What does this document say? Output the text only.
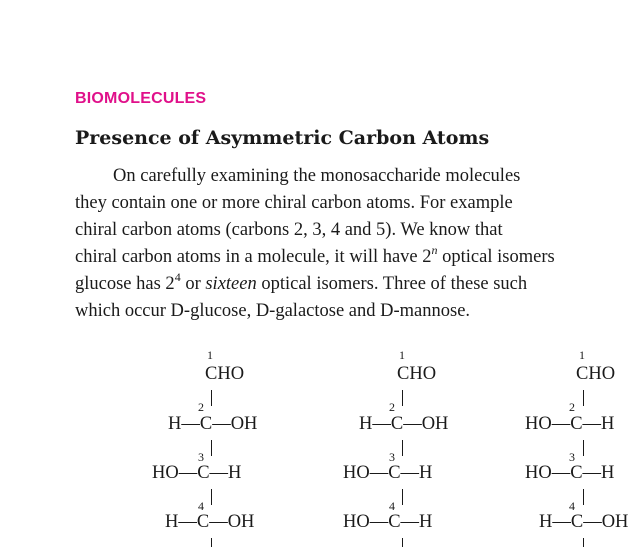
BIOMOLECULES
Presence of Asymmetric Carbon Atoms
On carefully examining the monosaccharide molecules
they contain one or more chiral carbon atoms. For example
chiral carbon atoms (carbons 2, 3, 4 and 5). We know that
chiral carbon atoms in a molecule, it will have 2$^n$ optical isomers
glucose has $2^4$ or sixteen optical isomers. Three of these such
which occur D-glucose, D-galactose and D-mannose.
1
CHO
2
H—C—OH
3
HO—C—H
4
H—C—OH
1
CHO
2
H—C—OH
3
HO—C—H
4
HO—C—H
1
CHO
2
HO—C—H
3
HO—C—H
4
H—C—OH
